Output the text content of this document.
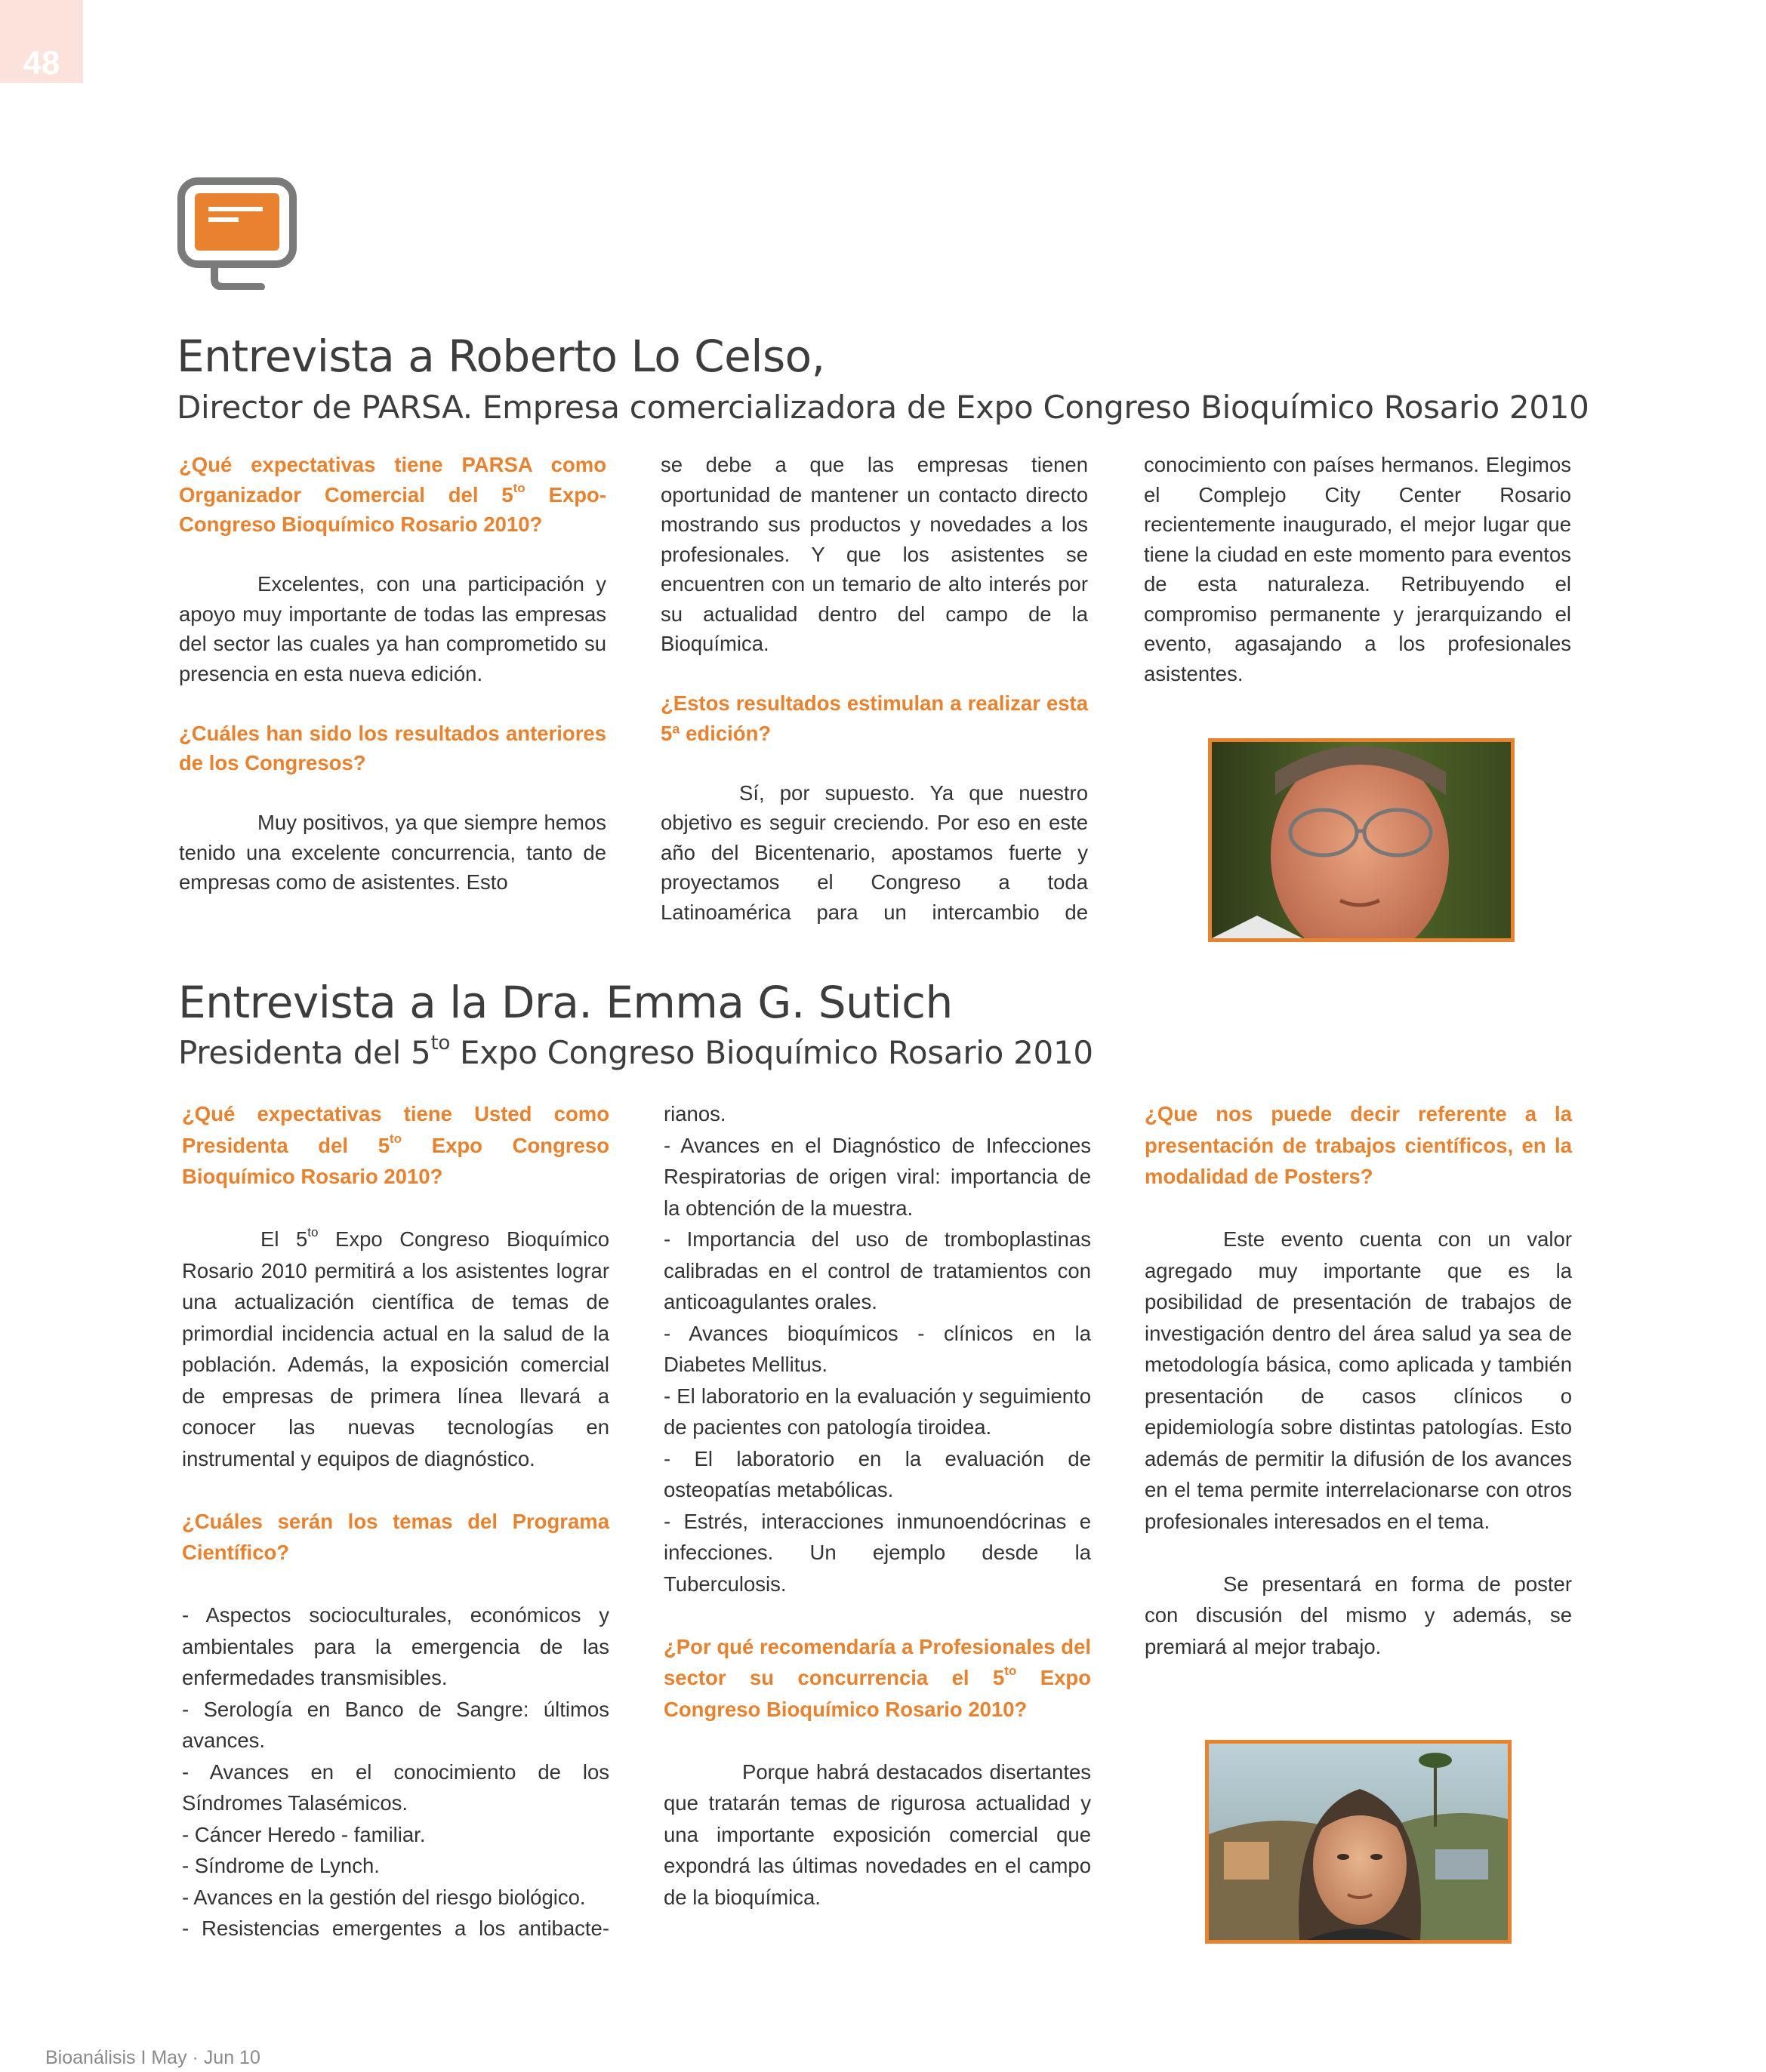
48
Entrevista a Roberto Lo Celso,
Director de PARSA. Empresa comercializadora de Expo Congreso Bioquímico Rosario 2010

¿Qué expectativas tiene PARSA como Organizador Comercial del $5^{to}$ Expo-Congreso Bioquímico Rosario 2010?

Excelentes, con una participación y apoyo muy importante de todas las empresas del sector las cuales ya han comprometido su presencia en esta nueva edición.

¿Cuáles han sido los resultados anteriores de los Congresos?

Muy positivos, ya que siempre hemos tenido una excelente concurrencia, tanto de empresas como de asistentes. Esto

se debe a que las empresas tienen oportunidad de mantener un contacto directo mostrando sus productos y novedades a los profesionales. Y que los asistentes se encuentren con un temario de alto interés por su actualidad dentro del campo de la Bioquímica.

¿Estos resultados estimulan a realizar esta 5ª edición?

Sí, por supuesto. Ya que nuestro objetivo es seguir creciendo. Por eso en este año del Bicentenario, apostamos fuerte y proyectamos el Congreso a toda Latinoamérica para un intercambio de

conocimiento con países hermanos. Elegimos el Complejo City Center Rosario recientemente inaugurado, el mejor lugar que tiene la ciudad en este momento para eventos de esta naturaleza. Retribuyendo el compromiso permanente y jerarquizando el evento, agasajando a los profesionales asistentes.

Entrevista a la Dra. Emma G. Sutich
Presidenta del $5^{to}$ Expo Congreso Bioquímico Rosario 2010

¿Qué expectativas tiene Usted como Presidenta del $5^{to}$ Expo Congreso Bioquímico Rosario 2010?

El $5^{to}$ Expo Congreso Bioquímico Rosario 2010 permitirá a los asistentes lograr una actualización científica de temas de primordial incidencia actual en la salud de la población. Además, la exposición comercial de empresas de primera línea llevará a conocer las nuevas tecnologías en instrumental y equipos de diagnóstico.

¿Cuáles serán los temas del Programa Científico?

- Aspectos socioculturales, económicos y ambientales para la emergencia de las enfermedades transmisibles.

- Serología en Banco de Sangre: últimos avances.

- Avances en el conocimiento de los Síndromes Talasémicos.

- Cáncer Heredo - familiar.

- Síndrome de Lynch.

- Avances en la gestión del riesgo biológico.

- Resistencias emergentes a los antibacte-

rianos.

- Avances en el Diagnóstico de Infecciones Respiratorias de origen viral: importancia de la obtención de la muestra.

- Importancia del uso de tromboplastinas calibradas en el control de tratamientos con anticoagulantes orales.

- Avances bioquímicos - clínicos en la Diabetes Mellitus.

- El laboratorio en la evaluación y seguimiento de pacientes con patología tiroidea.

- El laboratorio en la evaluación de osteopatías metabólicas.

- Estrés, interacciones inmunoendócrinas e infecciones. Un ejemplo desde la Tuberculosis.

¿Por qué recomendaría a Profesionales del sector su concurrencia el $5^{to}$ Expo Congreso Bioquímico Rosario 2010?

Porque habrá destacados disertantes que tratarán temas de rigurosa actualidad y una importante exposición comercial que expondrá las últimas novedades en el campo de la bioquímica.

¿Que nos puede decir referente a la presentación de trabajos científicos, en la modalidad de Posters?

Este evento cuenta con un valor agregado muy importante que es la posibilidad de presentación de trabajos de investigación dentro del área salud ya sea de metodología básica, como aplicada y también presentación de casos clínicos o epidemiología sobre distintas patologías. Esto además de permitir la difusión de los avances en el tema permite interrelacionarse con otros profesionales interesados en el tema.

Se presentará en forma de poster con discusión del mismo y además, se premiará al mejor trabajo.

Bioanálisis I May · Jun 10
